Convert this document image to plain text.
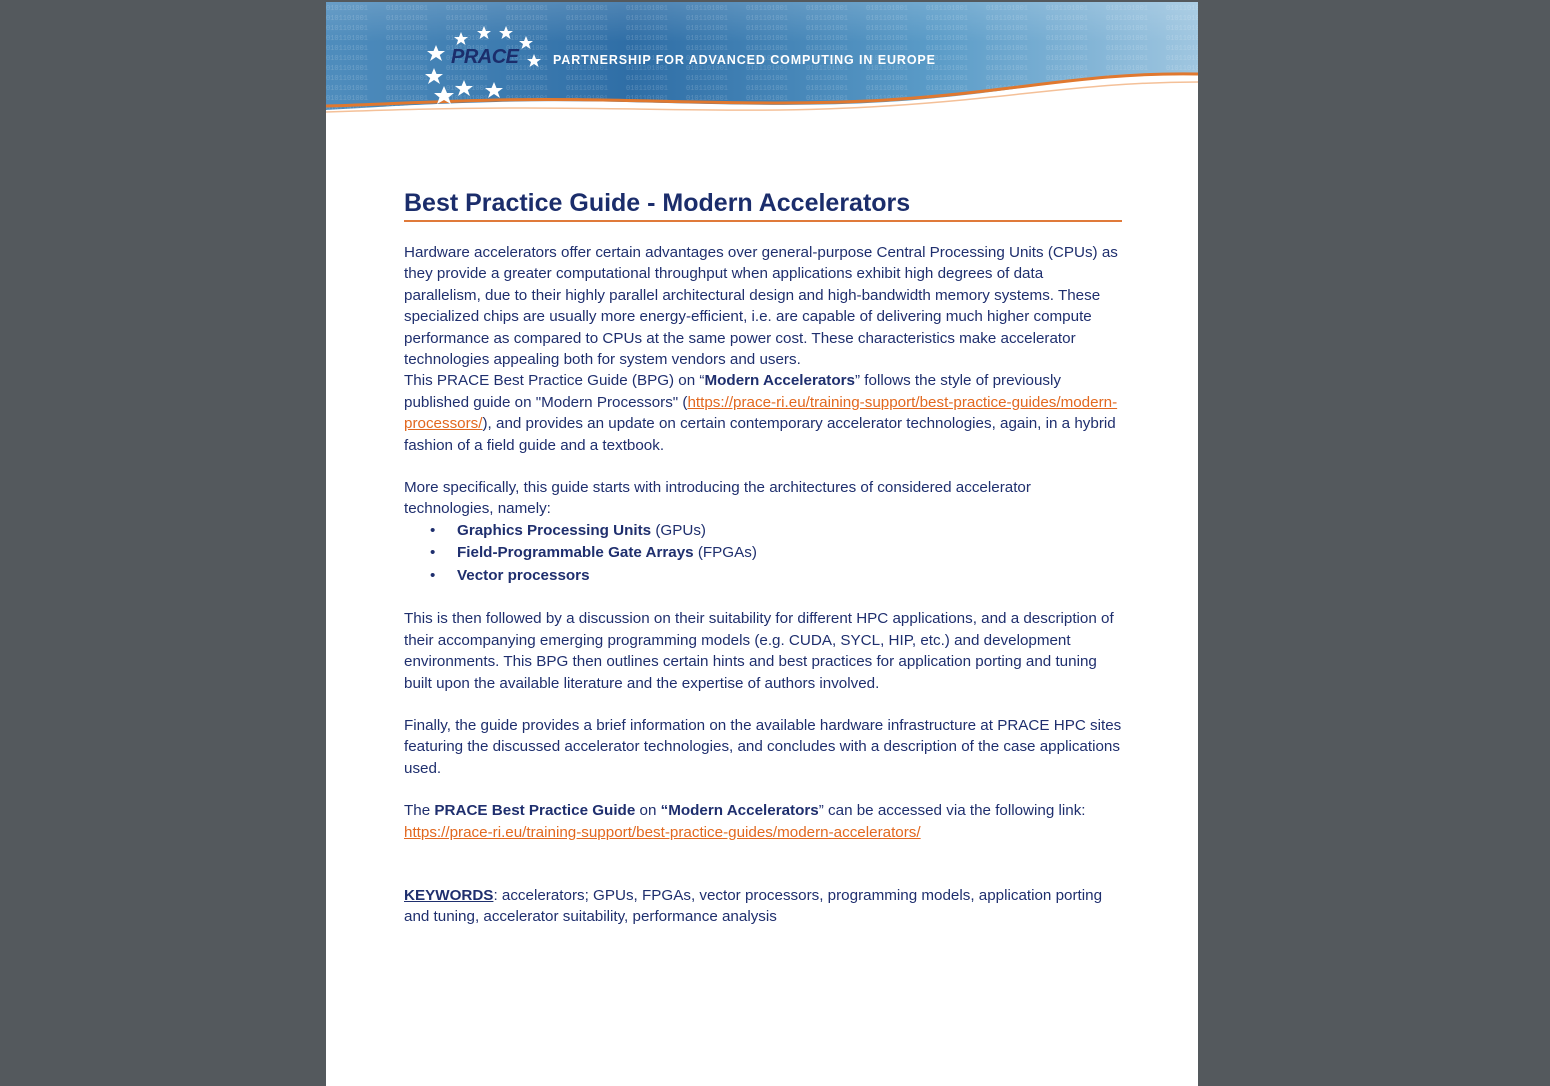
PRACE	PARTNERSHIP FOR ADVANCED COMPUTING IN EUROPE
Best Practice Guide - Modern Accelerators

Hardware accelerators offer certain advantages over general-purpose Central Processing Units (CPUs) as they provide a greater computational throughput when applications exhibit high degrees of data parallelism, due to their highly parallel architectural design and high-bandwidth memory systems. These specialized chips are usually more energy-efficient, i.e. are capable of delivering much higher compute performance as compared to CPUs at the same power cost. These characteristics make accelerator technologies appealing both for system vendors and users.

This PRACE Best Practice Guide (BPG) on “Modern Accelerators” follows the style of previously published guide on "Modern Processors" (https://prace-ri.eu/training-support/best-practice-guides/modern-processors/), and provides an update on certain contemporary accelerator technologies, again, in a hybrid fashion of a field guide and a textbook.

More specifically, this guide starts with introducing the architectures of considered accelerator technologies, namely:

• Graphics Processing Units (GPUs)
• Field-Programmable Gate Arrays (FPGAs)
• Vector processors

This is then followed by a discussion on their suitability for different HPC applications, and a description of their accompanying emerging programming models (e.g. CUDA, SYCL, HIP, etc.) and development environments. This BPG then outlines certain hints and best practices for application porting and tuning built upon the available literature and the expertise of authors involved.

Finally, the guide provides a brief information on the available hardware infrastructure at PRACE HPC sites featuring the discussed accelerator technologies, and concludes with a description of the case applications used.

The PRACE Best Practice Guide on “Modern Accelerators” can be accessed via the following link: https://prace-ri.eu/training-support/best-practice-guides/modern-accelerators/

KEYWORDS: accelerators; GPUs, FPGAs, vector processors, programming models, application porting and tuning, accelerator suitability, performance analysis
